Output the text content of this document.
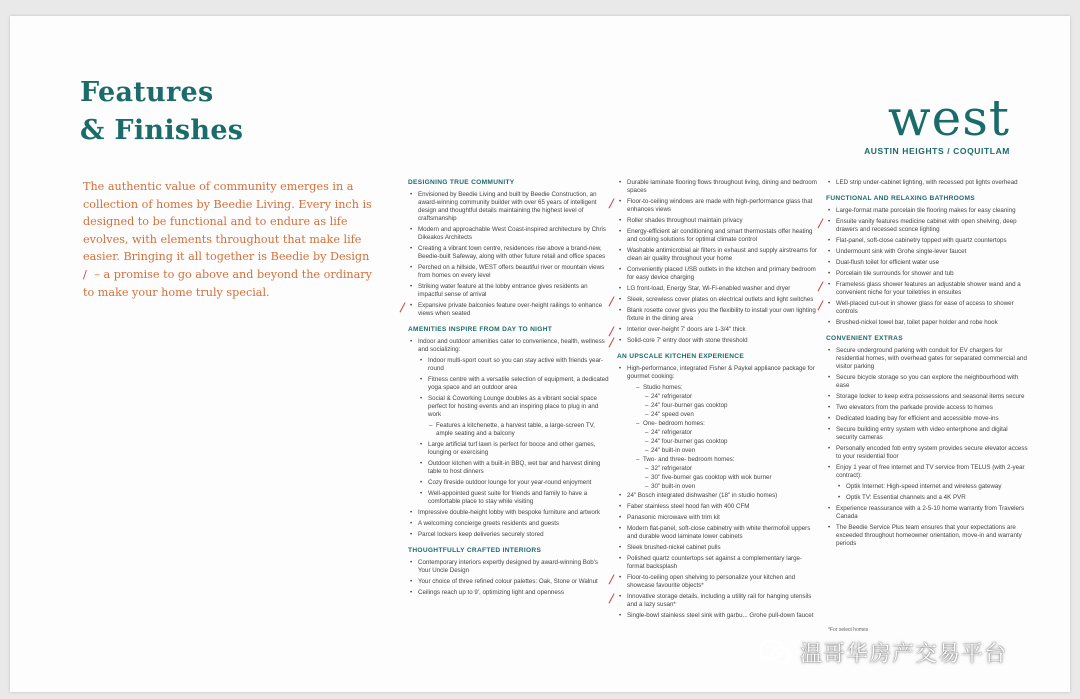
Features
& Finishes
The authentic value of community emerges in a collection of homes by Beedie Living. Every inch is designed to be functional and to endure as life evolves, with elements throughout that make life easier. Bringing it all together is Beedie by Design
/ – a promise to go above and beyond the ordinary to make your home truly special.
west
AUSTIN HEIGHTS / COQUITLAM
DESIGNING TRUE COMMUNITY
• Envisioned by Beedie Living and built by Beedie Construction, an award-winning community builder with over 65 years of intelligent design and thoughtful details maintaining the highest level of craftsmanship
• Modern and approachable West Coast-inspired architecture by Chris Dikeakos Architects
• Creating a vibrant town centre, residences rise above a brand-new, Beedie-built Safeway, along with other future retail and office spaces
• Perched on a hillside, WEST offers beautiful river or mountain views from homes on every level
• Striking water feature at the lobby entrance gives residents an impactful sense of arrival
• Expansive private balconies feature over-height railings to enhance views when seated
AMENITIES INSPIRE FROM DAY TO NIGHT
• Indoor and outdoor amenities cater to convenience, health, wellness and socializing:
• Indoor multi-sport court so you can stay active with friends year-round
• Fitness centre with a versatile selection of equipment, a dedicated yoga space and an outdoor area
• Social & Coworking Lounge doubles as a vibrant social space perfect for hosting events and an inspiring place to plug in and work
– Features a kitchenette, a harvest table, a large-screen TV, ample seating and a balcony
• Large artificial turf lawn is perfect for bocce and other games, lounging or exercising
• Outdoor kitchen with a built-in BBQ, wet bar and harvest dining table to host dinners
• Cozy fireside outdoor lounge for your year-round enjoyment
• Well-appointed guest suite for friends and family to have a comfortable place to stay while visiting
• Impressive double-height lobby with bespoke furniture and artwork
• A welcoming concierge greets residents and guests
• Parcel lockers keep deliveries securely stored
THOUGHTFULLY CRAFTED INTERIORS
• Contemporary interiors expertly designed by award-winning Bob's Your Uncle Design
• Your choice of three refined colour palettes: Oak, Stone or Walnut
• Ceilings reach up to 9', optimizing light and openness
• Durable laminate flooring flows throughout living, dining and bedroom spaces
• Floor-to-ceiling windows are made with high-performance glass that enhances views
• Roller shades throughout maintain privacy
• Energy-efficient air conditioning and smart thermostats offer heating and cooling solutions for optimal climate control
• Washable antimicrobial air filters in exhaust and supply airstreams for clean air quality throughout your home
• Conveniently placed USB outlets in the kitchen and primary bedroom for easy device charging
• LG front-load, Energy Star, Wi-Fi-enabled washer and dryer
• Sleek, screwless cover plates on electrical outlets and light switches
• Blank rosette cover gives you the flexibility to install your own lighting fixture in the dining area
• Interior over-height 7' doors are 1-3/4" thick
• Solid-core 7' entry door with stone threshold
AN UPSCALE KITCHEN EXPERIENCE
• High-performance, integrated Fisher & Paykel appliance package for gourmet cooking:
– Studio homes:
– 24" refrigerator
– 24" four-burner gas cooktop
– 24" speed oven
– One- bedroom homes:
– 24" refrigerator
– 24" four-burner gas cooktop
– 24" built-in oven
– Two- and three- bedroom homes:
– 32" refrigerator
– 30" five-burner gas cooktop with wok burner
– 30" built-in oven
• 24" Bosch integrated dishwasher (18" in studio homes)
• Faber stainless steel hood fan with 400 CFM
• Panasonic microwave with trim kit
• Modern flat-panel, soft-close cabinetry with white thermofoil uppers and durable wood laminate lower cabinets
• Sleek brushed-nickel cabinet pulls
• Polished quartz countertops set against a complementary large-format backsplash
• Floor-to-ceiling open shelving to personalize your kitchen and showcase favourite objects*
• Innovative storage details, including a utility rail for hanging utensils and a lazy susan*
• Single-bowl stainless steel sink with garbu... Grohe pull-down faucet
• LED strip under-cabinet lighting, with recessed pot lights overhead
FUNCTIONAL AND RELAXING BATHROOMS
• Large-format matte porcelain tile flooring makes for easy cleaning
• Ensuite vanity features medicine cabinet with open shelving, deep drawers and recessed sconce lighting
• Flat-panel, soft-close cabinetry topped with quartz countertops
• Undermount sink with Grohe single-lever faucet
• Dual-flush toilet for efficient water use
• Porcelain tile surrounds for shower and tub
• Frameless glass shower features an adjustable shower wand and a convenient niche for your toiletries in ensuites
• Well-placed cut-out in shower glass for ease of access to shower controls
• Brushed-nickel towel bar, toilet paper holder and robe hook
CONVENIENT EXTRAS
• Secure underground parking with conduit for EV chargers for residential homes, with overhead gates for separated commercial and visitor parking
• Secure bicycle storage so you can explore the neighbourhood with ease
• Storage locker to keep extra possessions and seasonal items secure
• Two elevators from the parkade provide access to homes
• Dedicated loading bay for efficient and accessible move-ins
• Secure building entry system with video enterphone and digital security cameras
• Personally encoded fob entry system provides secure elevator access to your residential floor
• Enjoy 1 year of free internet and TV service from TELUS (with 2-year contract):
• Optik Internet: High-speed internet and wireless gateway
• Optik TV: Essential channels and a 4K PVR
• Experience reassurance with a 2-5-10 home warranty from Travelers Canada
• The Beedie Service Plus team ensures that your expectations are exceeded throughout homeowner orientation, move-in and warranty periods
*For select homes
温哥华房产交易平台
